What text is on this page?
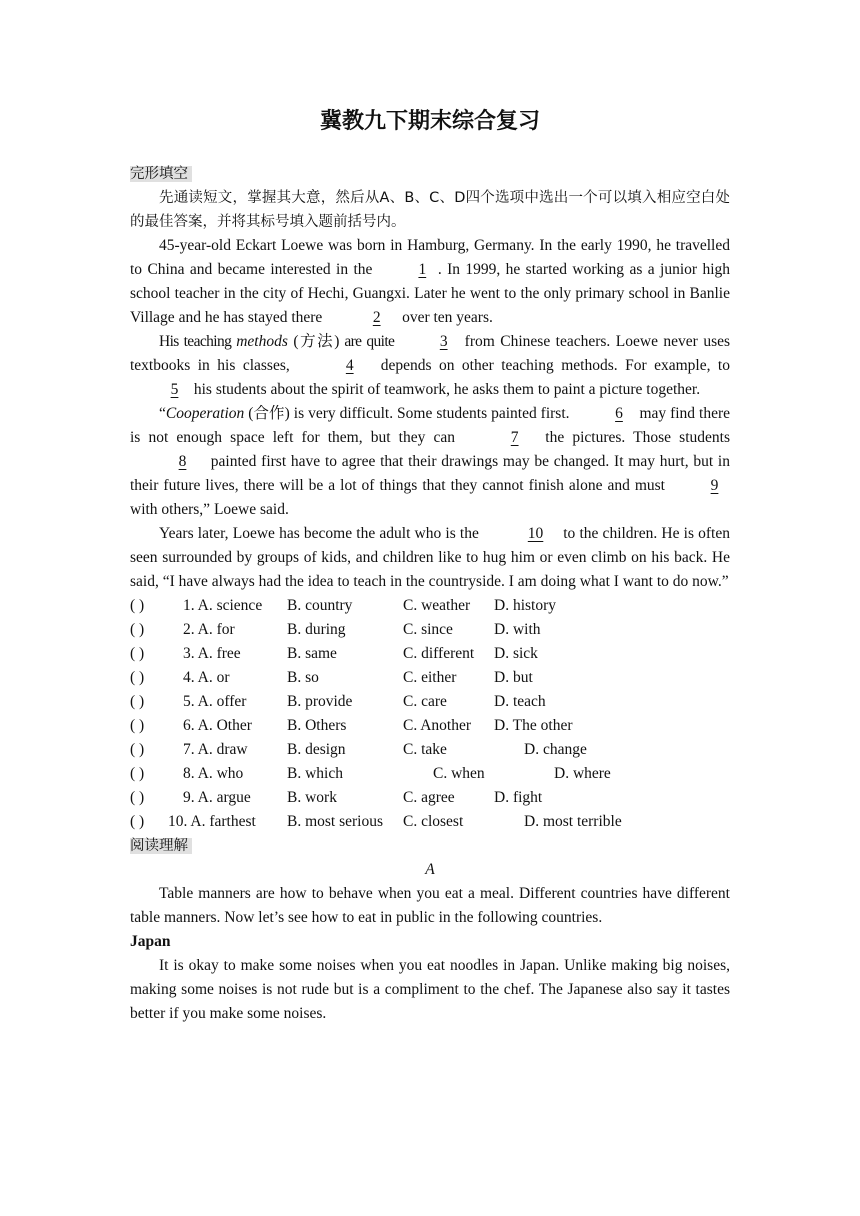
冀教九下期末综合复习
完形填空

先通读短文，掌握其大意，然后从A、B、C、D四个选项中选出一个可以填入相应空白处的最佳答案，并将其标号填入题前括号内。

45-year-old Eckart Loewe was born in Hamburg, Germany. In the early 1990, he travelled to China and became interested in the	1 . In 1999, he started working as a junior high school teacher in the city of Hechi, Guangxi. Later he went to the only primary school in Banlie Village and he has stayed there	2 over ten years.

His teaching methods (方法) are quite	3 from Chinese teachers. Loewe never uses textbooks in his classes,	4 depends on other teaching methods. For example, to 5 his students about the spirit of teamwork, he asks them to paint a picture together.

“Cooperation (合作) is very difficult. Some students painted first.	6 may find there is not enough space left for them, but they can	7 the pictures. Those students 8 painted first have to agree that their drawings may be changed. It may hurt, but in their future lives, there will be a lot of things that they cannot finish alone and must	9 with others,” Loewe said.

Years later, Loewe has become the adult who is the	10 to the children. He is often seen surrounded by groups of kids, and children like to hug him or even climb on his back. He said, “I have always had the idea to teach in the countryside. I am doing what I want to do now.”

( )	1. A. science	B. country	C. weather	D. history
( )	2. A. for	B. during	C. since	D. with
( )	3. A. free	B. same	C. different	D. sick
( )	4. A. or	B. so	C. either	D. but
( )	5. A. offer	B. provide	C. care	D. teach
( )	6. A. Other	B. Others	C. Another	D. The other
( )	7. A. draw	B. design	C. take	D. change
( )	8. A. who	B. which	C. when	D. where
( )	9. A. argue	B. work	C. agree	D. fight
( )	10. A. farthest	B. most serious	C. closest	D. most terrible
阅读理解

A

Table manners are how to behave when you eat a meal. Different countries have different table manners. Now let’s see how to eat in public in the following countries.

Japan

It is okay to make some noises when you eat noodles in Japan. Unlike making big noises, making some noises is not rude but is a compliment to the chef. The Japanese also say it tastes better if you make some noises.
